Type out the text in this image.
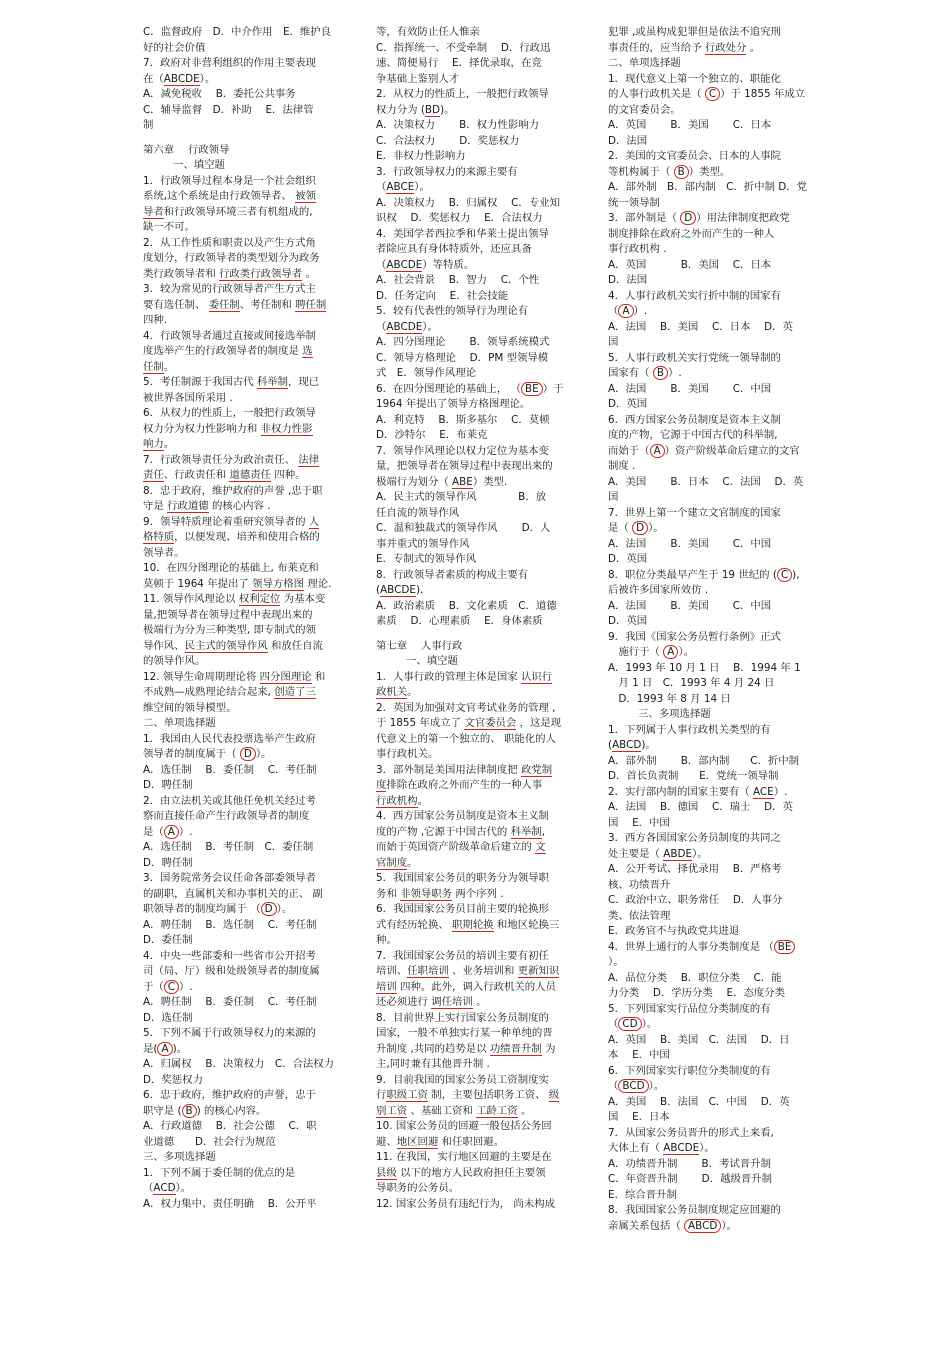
C．监督政府　D．中介作用　E．维护良
好的社会价值
7．政府对非营利组织的作用主要表现
在（ABCDE）。
A．减免税收　 B．委托公共事务
C．辅导监督　D．补助　 E．法律管
制
第六章　 行政领导
一、填空题
1．行政领导过程本身是一个社会组织
系统,这个系统是由行政领导者、 被领
导者和行政领导环境三者有机组成的,
缺一不可。
2．从工作性质和职责以及产生方式角
度划分，行政领导者的类型划分为政务
类行政领导者和 行政类行政领导者 。
3．较为常见的行政领导者产生方式主
要有选任制、 委任制、考任制和 聘任制
四种.
4．行政领导者通过直接或间接选举制
度选举产生的行政领导者的制度是 选
任制。
5．考任制源于我国古代 科举制，现已
被世界各国所采用 .
6．从权力的性质上，一般把行政领导
权力分为权力性影响力和 非权力性影
响力。
7．行政领导责任分为政治责任、 法律
责任、行政责任和 道德责任 四种。
8．忠于政府，维护政府的声誉 ,忠于职
守是 行政道德 的核心内容 .
9．领导特质理论着重研究领导者的 人
格特质，以便发现、培养和使用合格的
领导者。
10．在四分图理论的基础上, 布莱克和
莫顿于 1964 年提出了 领导方格图 理论.
11. 领导作风理论以 权利定位 为基本变
量,把领导者在领导过程中表现出来的
极端行为分为三种类型, 即专制式的领
导作风、民主式的领导作风 和放任自流
的领导作风。
12. 领导生命周期理论将 四分图理论 和
不成熟—成熟理论结合起来, 创造了三
维空间的领导模型。
二、单项选择题
1．我国由人民代表投票选举产生政府
领导者的制度属于（ D ）。
A．选任制　 B．委任制　 C．考任制
D．聘任制
2．由立法机关或其他任免机关经过考
察而直接任命产生行政领导者的制度
是（ A ）.
A．选任制　 B．考任制　C．委任制
D．聘任制
3．国务院常务会议任命各部委领导者
的副职，直属机关和办事机关的正、 副
职领导者的制度均属于 （ D ）。
A．聘任制　 B．选任制　 C．考任制
D．委任制
4．中央一些部委和一些省市公开招考
司（局、厅）级和处级领导者的制度属
于（ C ）.
A．聘任制　 B．委任制　 C．考任制
D．选任制
5．下列不属于行政领导权力的来源的
是( A )。
A．归属权　 B．决策权力　C．合法权力
D．奖惩权力
6．忠于政府，维护政府的声誉，忠于
职守是 ( B ) 的核心内容。
A．行政道德　 B．社会公德　 C．职
业道德　　D．社会行为规范
三、多项选择题
1．下列不属于委任制的优点的是
（ACD）。
A．权力集中、责任明确　 B．公开平
等，有效防止任人惟亲
C．指挥统一、不受牵制　 D．行政迅
速、简便易行　 E．择优录取，在竞
争基础上鉴别人才
2．从权力的性质上，一般把行政领导
权力分为 (BD)。
A．决策权力　　 B．权力性影响力
C．合法权力　　 D．奖惩权力
E．非权力性影响力
3．行政领导权力的来源主要有
（ABCE）。
A．决策权力　 B．归属权　 C．专业知
识权　 D．奖惩权力　 E．合法权力
4．美国学者西拉季和华莱士提出领导
者除应具有身体特质外，还应具备
（ABCDE）等特质。
A．社会背景　 B．智力　 C．个性
D．任务定向　 E．社会技能
5．较有代表性的领导行为理论有
（ABCDE）。
A．四分图理论　　 B．领导系统模式
C．领导方格理论　 D．PM 型领导模
式　E．领导作风理论
6．在四分图理论的基础上， （ BE ）于
1964 年提出了领导方格图理论。
A．利克特　 B．斯多基尔　 C．莫顿
D．沙特尔　 E．布莱克
7．领导作风理论以权力定位为基本变
量，把领导者在领导过程中表现出来的
极端行为划分（ ABE）类型.
A．民主式的领导作风　　　　B．放
任自流的领导作风
C．温和独裁式的领导作风　　 D．人
事并重式的领导作风
E．专制式的领导作风
8．行政领导者素质的构成主要有
(ABCDE)．
A．政治素质　 B．文化素质　C．道德
素质　 D．心理素质　 E．身体素质
第七章　 人事行政
一、填空题
1．人事行政的管理主体是国家 认识行
政机关。
2．英国为加强对文官考试业务的管理 ,
于 1855 年成立了 文官委员会 ，这是现
代意义上的第一个独立的、 职能化的人
事行政机关。
3．部外制是美国用法律制度把 政党制
度排除在政府之外而产生的一种人事
行政机构。
4．西方国家公务员制度是资本主义制
度的产物 ,它源于中国古代的 科举制,
而始于英国资产阶级革命后建立的 文
官制度。
5．我国国家公务员的职务分为领导职
务和 非领导职务 两个序列 .
6．我国国家公务员目前主要的轮换形
式有经历轮换、 职期轮换 和地区轮换三
种。
7．我国国家公务员的培训主要有初任
培训、任职培训 、业务培训和 更新知识
培训 四种。此外，调入行政机关的人员
还必须进行 调任培训 。
8．目前世界上实行国家公务员制度的
国家，一般不单独实行某一种单纯的晋
升制度 ,共同的趋势是以 功绩晋升制 为
主,同时兼有其他晋升制 .
9．目前我国的国家公务员工资制度实
行职级工资 制，主要包括职务工资、 级
别工资 、基础工资和 工龄工资 。
10. 国家公务员的回避一般包括公务回
避、地区回避 和任职回避。
11. 在我国，实行地区回避的主要是在
县级 以下的地方人民政府担任主要领
导职务的公务员。
12. 国家公务员有违纪行为， 尚未构成
犯罪 ,或虽构成犯罪但是依法不追究刑
事责任的，应当给予 行政处分 。
二、单项选择题
1．现代意义上第一个独立的、职能化
的人事行政机关是（ C ）于 1855 年成立
的文官委员会。
A．英国　　 B．美国　　 C．日本
D．法国
2．美国的文官委员会、日本的人事院
等机构属于（ B ）类型。
A．部外制　B．部内制　C．折中制 D．党
统一领导制
3．部外制是（ D ）用法律制度把政党
制度排除在政府之外而产生的一种人
事行政机构 .
A．英国　　　 B．美国　 C．日本
D．法国
4．人事行政机关实行折中制的国家有
（ A ）.
A．法国　 B．美国　 C．日本　 D．英
国
5．人事行政机关实行党统一领导制的
国家有（ B ）.
A．法国　　 B．美国　　 C．中国
D．英国
6．西方国家公务员制度是资本主义制
度的产物，它源于中国古代的科举制,
而始于（ A ）资产阶级革命后建立的文官
制度 .
A．美国　　 B．日本　 C．法国　 D．英
国
7．世界上第一个建立文官制度的国家
是（ D ）。
A．法国　　 B．美国　　 C．中国
D．英国
8．职位分类最早产生于 19 世纪的 ( C ),
后被许多国家所效仿 .
A．法国　　 B．美国　　 C．中国
D．英国
9．我国《国家公务员暂行条例》正式
　施行于（ A ）。
A．1993 年 10 月 1 日　 B．1994 年 1
　月 1 日　C．1993 年 4 月 24 日
　D．1993 年 8 月 14 日
三、多项选择题
1．下列属于人事行政机关类型的有
(ABCD)。
A．部外制　　 B．部内制　　C．折中制
D．首长负责制　　E．党统一领导制
2．实行部内制的国家主要有（ ACE）.
A．法国　 B．德国　 C．瑞士　 D．英
国　 E．中国
3．西方各国国家公务员制度的共同之
处主要是（ ABDE）。
A．公开考试、择优录用　 B．严格考
核、功绩晋升
C．政治中立、职务常任　 D．人事分
类、依法管理
E．政务官不与执政党共进退
4．世界上通行的人事分类制度是 （ BE）。
A．品位分类　 B．职位分类　 C．能
力分类　 D．学历分类　 E．态度分类
5．下列国家实行品位分类制度的有
（ CD ）。
A．英国　 B．美国　C．法国　 D．日
本　 E．中国
6．下列国家实行职位分类制度的有
（ BCD ）。
A．美国　 B．法国　C．中国　 D．英
国　 E．日本
7．从国家公务员晋升的形式上来看,
大体上有（ ABCDE）。
A．功绩晋升制　　 B．考试晋升制
C．年资晋升制　　 D．越级晋升制
E．综合晋升制
8．我国国家公务员制度规定应回避的
亲属关系包括（ ABCD ）。
